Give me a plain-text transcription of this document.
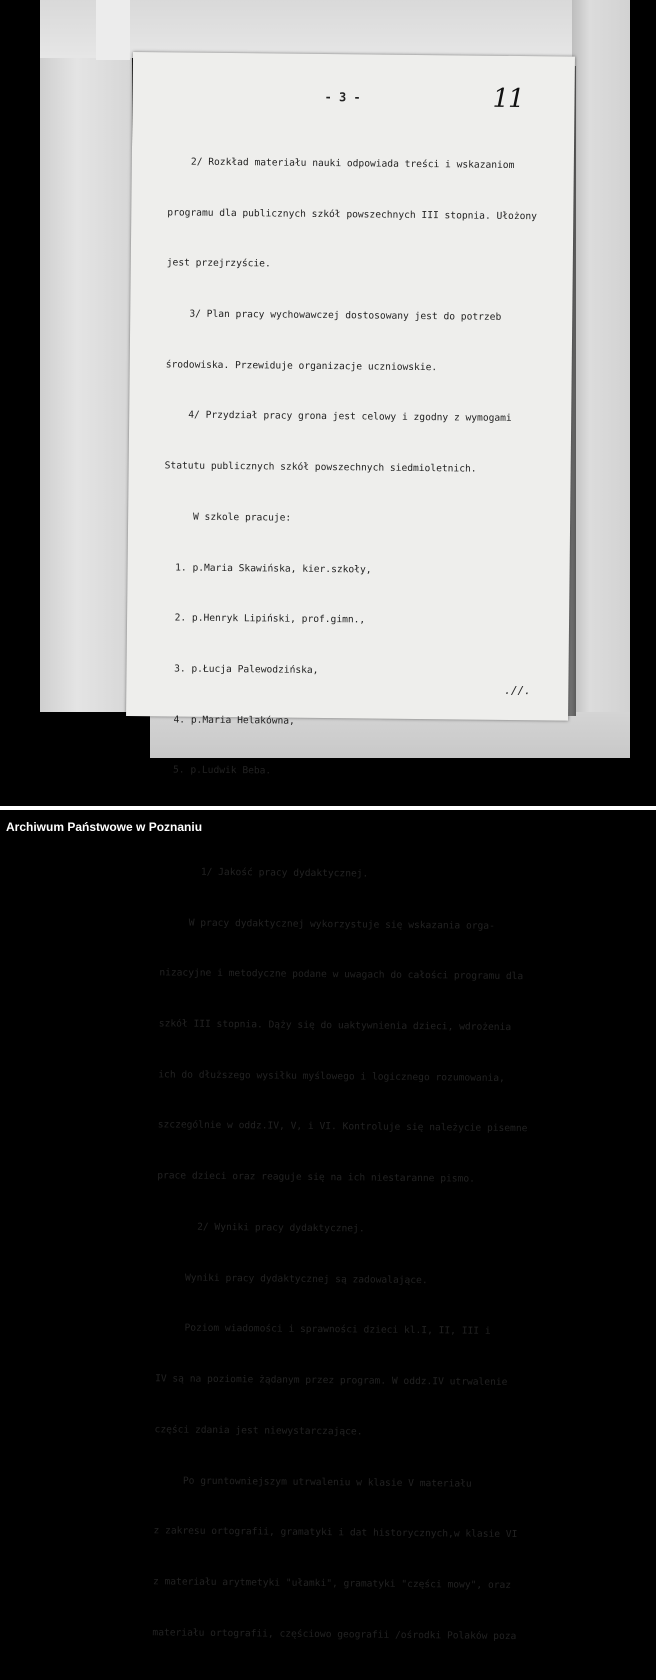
- 3 -	11

2/ Rozkład materiału nauki odpowiada treści i wskazaniom

programu dla publicznych szkół powszechnych III stopnia. Ułożony

jest przejrzyście.

3/ Plan pracy wychowawczej dostosowany jest do potrzeb

środowiska. Przewiduje organizacje uczniowskie.

4/ Przydział pracy grona jest celowy i zgodny z wymogami

Statutu publicznych szkół powszechnych siedmioletnich.

W szkole pracuje:

1. p.Maria Skawińska, kier.szkoły,

2. p.Henryk Lipiński, prof.gimn.,

3. p.Łucja Palewodzińska,

4. p.Maria Helakówna,

5. p.Ludwik Beba.

1/ Jakość pracy dydaktycznej.

W pracy dydaktycznej wykorzystuje się wskazania orga-

nizacyjne i metodyczne podane w uwagach do całości programu dla

szkół III stopnia. Dąży się do uaktywnienia dzieci, wdrożenia

ich do dłuższego wysiłku myślowego i logicznego rozumowania,

szczególnie w oddz.IV, V, i VI. Kontroluje się należycie pisemne

prace dzieci oraz reaguje się na ich niestaranne pismo.

2/ Wyniki pracy dydaktycznej.

Wyniki pracy dydaktycznej są zadowalające.

Poziom wiadomości i sprawności dzieci kl.I, II, III i

IV są na poziomie żądanym przez program. W oddz.IV utrwalenie

części zdania jest niewystarczające.

Po gruntowniejszym utrwaleniu w klasie V materiału

z zakresu ortografii, gramatyki i dat historycznych,w klasie VI

z materiału arytmetyki "ułamki", gramatyki "części mowy", oraz

materiału ortografii, częściowo geografii /ośrodki Polaków poza

.//.
Archiwum Państwowe w Poznaniu
